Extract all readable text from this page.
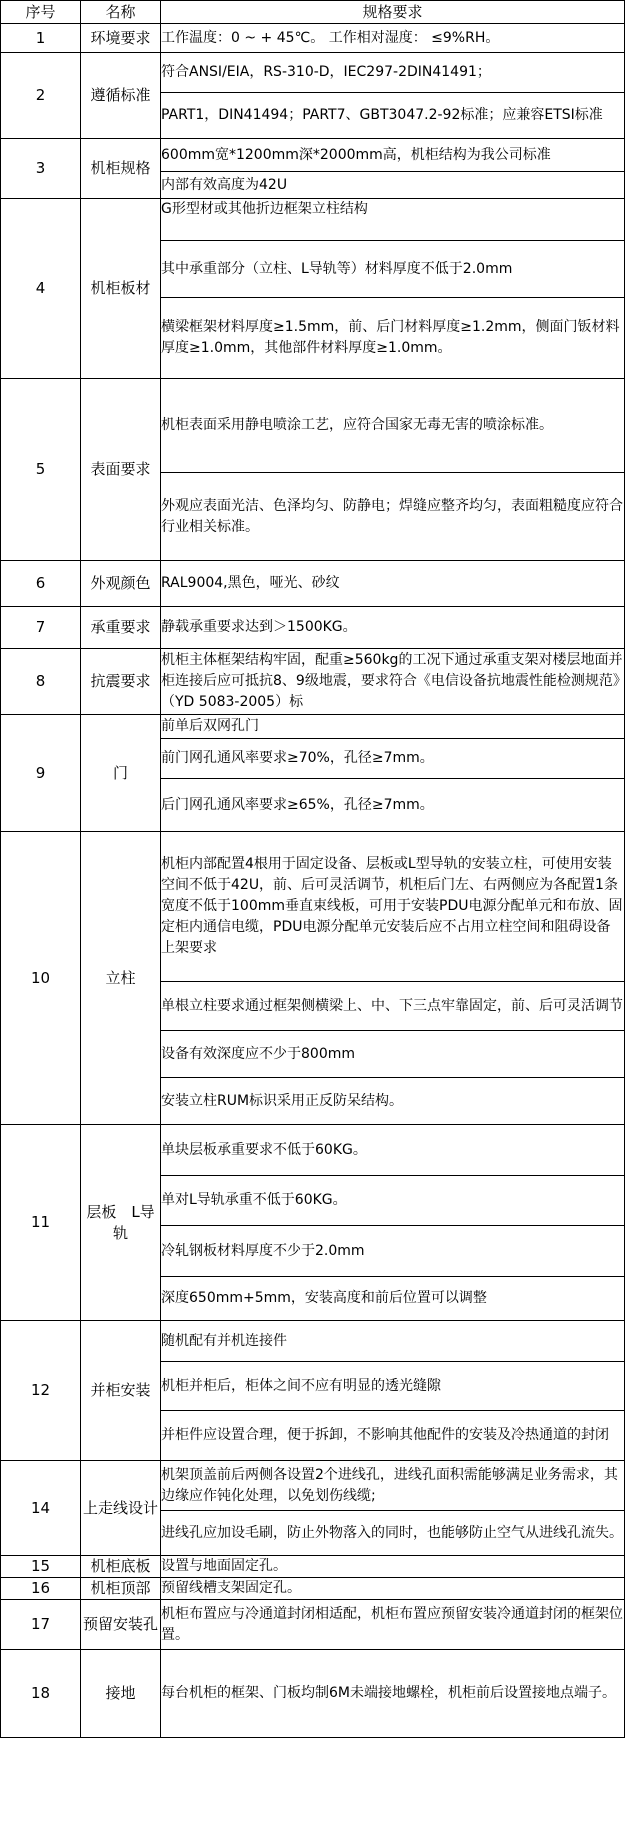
序号	名称	规格要求
1	环境要求	工作温度：0 ~ + 45℃。 工作相对湿度： ≤9%RH。
2	遵循标准	符合ANSI/EIA，RS-310-D，IEC297-2DIN41491；
		PART1，DIN41494；PART7、GBT3047.2-92标准；应兼容ETSI标准
3	机柜规格	600mm宽*1200mm深*2000mm高，机柜结构为我公司标准
		内部有效高度为42U
4	机柜板材	G形型材或其他折边框架立柱结构
		其中承重部分（立柱、L导轨等）材料厚度不低于2.0mm
		横梁框架材料厚度≥1.5mm，前、后门材料厚度≥1.2mm，侧面门钣材料厚度≥1.0mm，其他部件材料厚度≥1.0mm。
5	表面要求	机柜表面采用静电喷涂工艺，应符合国家无毒无害的喷涂标准。
		外观应表面光洁、色泽均匀、防静电；焊缝应整齐均匀，表面粗糙度应符合行业相关标准。
6	外观颜色	RAL9004,黑色，哑光、砂纹
7	承重要求	静载承重要求达到＞1500KG。
8	抗震要求	机柜主体框架结构牢固，配重≥560kg的工况下通过承重支架对楼层地面并柜连接后应可抵抗8、9级地震，要求符合《电信设备抗地震性能检测规范》（YD 5083-2005）标
9	门	前单后双网孔门
		前门网孔通风率要求≥70%，孔径≥7mm。
		后门网孔通风率要求≥65%，孔径≥7mm。
10	立柱	机柜内部配置4根用于固定设备、层板或L型导轨的安装立柱，可使用安装空间不低于42U，前、后可灵活调节，机柜后门左、右两侧应为各配置1条宽度不低于100mm垂直束线板，可用于安装PDU电源分配单元和布放、固定柜内通信电缆，PDU电源分配单元安装后应不占用立柱空间和阻碍设备上架要求
		单根立柱要求通过框架侧横梁上、中、下三点牢靠固定，前、后可灵活调节
		设备有效深度应不少于800mm
		安装立柱RUM标识采用正反防呆结构。
11	层板　L导轨	单块层板承重要求不低于60KG。
		单对L导轨承重不低于60KG。
		冷轧钢板材料厚度不少于2.0mm
		深度650mm+5mm，安装高度和前后位置可以调整
12	并柜安装	随机配有并机连接件
		机柜并柜后，柜体之间不应有明显的透光缝隙
		并柜件应设置合理，便于拆卸，不影响其他配件的安装及冷热通道的封闭
14	上走线设计	机架顶盖前后两侧各设置2个进线孔，进线孔面积需能够满足业务需求，其边缘应作钝化处理，以免划伤线缆;
		进线孔应加设毛刷，防止外物落入的同时，也能够防止空气从进线孔流失。
15	机柜底板	设置与地面固定孔。
16	机柜顶部	预留线槽支架固定孔。
17	预留安装孔	机柜布置应与冷通道封闭相适配，机柜布置应预留安装冷通道封闭的框架位置。
18	接地	每台机柜的框架、门板均制6M未端接地螺栓，机柜前后设置接地点端子。
